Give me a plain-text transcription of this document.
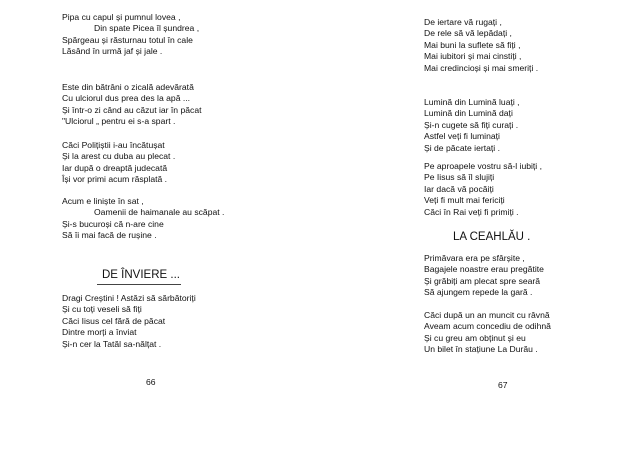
Pipa cu capul și pumnul lovea ,
Din spate Picea îl șundrea ,
Spărgeau și răsturnau totul în cale
Lăsând în urmă jaf și jale .
Este din bătrâni o zicală adevărată
Cu ulciorul dus prea des la apă ...
Și într-o zi când au căzut iar în păcat
"Ulciorul „ pentru ei s-a spart .
Căci Polițiștii i-au încătușat
Și la arest cu duba au plecat .
Iar după o dreaptă judecată
Își vor primi acum răsplată .
Acum e liniște în sat ,
Oamenii de haimanale au scăpat .
Și-s bucuroși că n-are cine
Să îi mai facă de rușine .
DE ÎNVIERE ...
Dragi Creștini ! Astăzi să sărbătoriți
Și cu toți veseli să fiți
Căci Iisus cel fără de păcat
Dintre morți a înviat
Și-n cer la Tatăl sa-nălțat .
66
De iertare vă rugați ,
De rele să vă lepădați ,
Mai buni la suflete să fiți ,
Mai iubitori și mai cinstiți ,
Mai credincioși și mai smeriți .
Lumină din Lumină luați ,
Lumină din Lumină dați
Și-n cugete să fiți curați .
Astfel veți fi luminați
Și de păcate iertați .
Pe aproapele vostru să-l iubiți ,
Pe Iisus să îl slujiți
Iar dacă vă pocăiți
Veți fi mult mai fericiți
Căci în Rai veți fi primiți .
LA CEAHLĂU .
Primăvara era pe sfârșite ,
Bagajele noastre erau pregătite
Și grăbiți am plecat spre seară
Să ajungem repede la gară .
Căci după un an muncit cu râvnă
Aveam acum concediu de odihnă
Și cu greu am obținut și eu
Un bilet în stațiune La Durău .
67
